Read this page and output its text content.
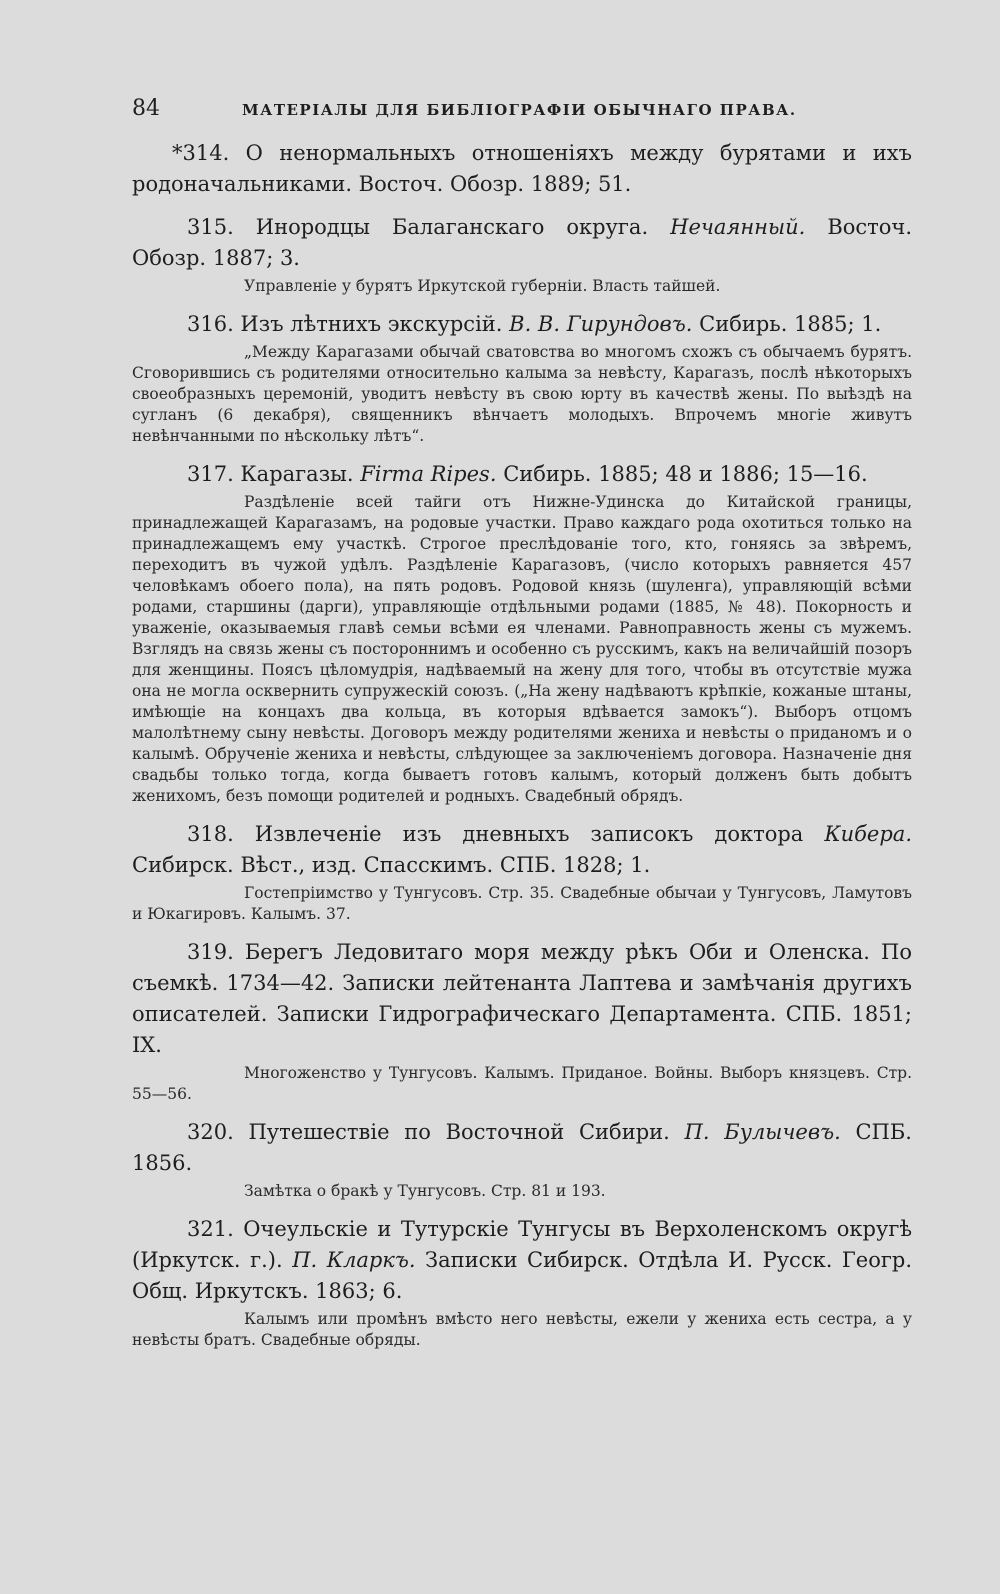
84	МАТЕРІАЛЫ ДЛЯ БИБЛІОГРАФІИ ОБЫЧНАГО ПРАВА.

*314. О ненормальныхъ отношеніяхъ между бурятами и ихъ родоначальниками. Восточ. Обозр. 1889; 51.

315. Инородцы Балаганскаго округа. Нечаянный. Восточ. Обозр. 1887; 3.

Управленіе у бурятъ Иркутской губерніи. Власть тайшей.

316. Изъ лѣтнихъ экскурсій. В. В. Гирундовъ. Сибирь. 1885; 1.

„Между Карагазами обычай сватовства во многомъ схожъ съ обычаемъ бурятъ. Сговорившись съ родителями относительно калыма за невѣсту, Карагазъ, послѣ нѣкоторыхъ своеобразныхъ церемоній, уводитъ невѣсту въ свою юрту въ качествѣ жены. По выѣздѣ на сугланъ (6 декабря), священникъ вѣнчаетъ молодыхъ. Впрочемъ многіе живутъ невѣнчанными по нѣскольку лѣтъ“.

317. Карагазы. Firma Ripes. Сибирь. 1885; 48 и 1886; 15—16.

Раздѣленіе всей тайги отъ Нижне-Удинска до Китайской границы, принадлежащей Карагазамъ, на родовые участки. Право каждаго рода охотиться только на принадлежащемъ ему участкѣ. Строгое преслѣдованіе того, кто, гоняясь за звѣремъ, переходитъ въ чужой удѣлъ. Раздѣленіе Карагазовъ, (число которыхъ равняется 457 человѣкамъ обоего пола), на пять родовъ. Родовой князь (шуленга), управляющій всѣми родами, старшины (дарги), управляющіе отдѣльными родами (1885, № 48). Покорность и уваженіе, оказываемыя главѣ семьи всѣми ея членами. Равноправность жены съ мужемъ. Взглядъ на связь жены съ постороннимъ и особенно съ русскимъ, какъ на величайшій позоръ для женщины. Поясъ цѣломудрія, надѣваемый на жену для того, чтобы въ отсутствіе мужа она не могла осквернить супружескій союзъ. („На жену надѣваютъ крѣпкіе, кожаные штаны, имѣющіе на концахъ два кольца, въ которыя вдѣвается замокъ“). Выборъ отцомъ малолѣтнему сыну невѣсты. Договоръ между родителями жениха и невѣсты о приданомъ и о калымѣ. Обрученіе жениха и невѣсты, слѣдующее за заключеніемъ договора. Назначеніе дня свадьбы только тогда, когда бываетъ готовъ калымъ, который долженъ быть добытъ женихомъ, безъ помощи родителей и родныхъ. Свадебный обрядъ.

318. Извлеченіе изъ дневныхъ записокъ доктора Кибера. Сибирск. Вѣст., изд. Спасскимъ. СПБ. 1828; 1.

Гостепріимство у Тунгусовъ. Стр. 35. Свадебные обычаи у Тунгусовъ, Ламутовъ и Юкагировъ. Калымъ. 37.

319. Берегъ Ледовитаго моря между рѣкъ Оби и Оленска. По съемкѣ. 1734—42. Записки лейтенанта Лаптева и замѣчанія другихъ описателей. Записки Гидрографическаго Департамента. СПБ. 1851; IX.

Многоженство у Тунгусовъ. Калымъ. Приданое. Войны. Выборъ князцевъ. Стр. 55—56.

320. Путешествіе по Восточной Сибири. П. Булычевъ. СПБ. 1856.

Замѣтка о бракѣ у Тунгусовъ. Стр. 81 и 193.

321. Очеульскіе и Тутурскіе Тунгусы въ Верхоленскомъ округѣ (Иркутск. г.). П. Кларкъ. Записки Сибирск. Отдѣла И. Русск. Геогр. Общ. Иркутскъ. 1863; 6.

Калымъ или промѣнъ вмѣсто него невѣсты, ежели у жениха есть сестра, а у невѣсты братъ. Свадебные обряды.
